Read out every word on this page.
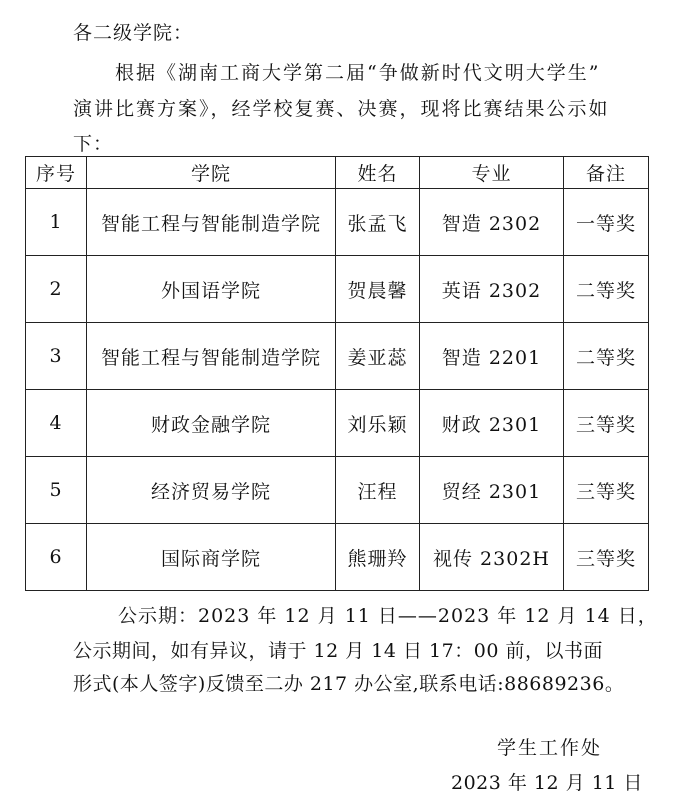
各二级学院：
根据《湖南工商大学第二届“争做新时代文明大学生”
演讲比赛方案》，经学校复赛、决赛，现将比赛结果公示如
下：
序号	学院	姓名	专业	备注
1	智能工程与智能制造学院	张孟飞	智造 2302	一等奖
2	外国语学院	贺晨馨	英语 2302	二等奖
3	智能工程与智能制造学院	姜亚蕊	智造 2201	二等奖
4	财政金融学院	刘乐颖	财政 2301	三等奖
5	经济贸易学院	汪程	贸经 2301	三等奖
6	国际商学院	熊珊羚	视传 2302H	三等奖
公示期：2023 年 12 月 11 日——2023 年 12 月 14 日，
公示期间，如有异议，请于 12 月 14 日 17：00 前，以书面
形式(本人签字)反馈至二办 217 办公室,联系电话:88689236。
学生工作处
2023 年 12 月 11 日
